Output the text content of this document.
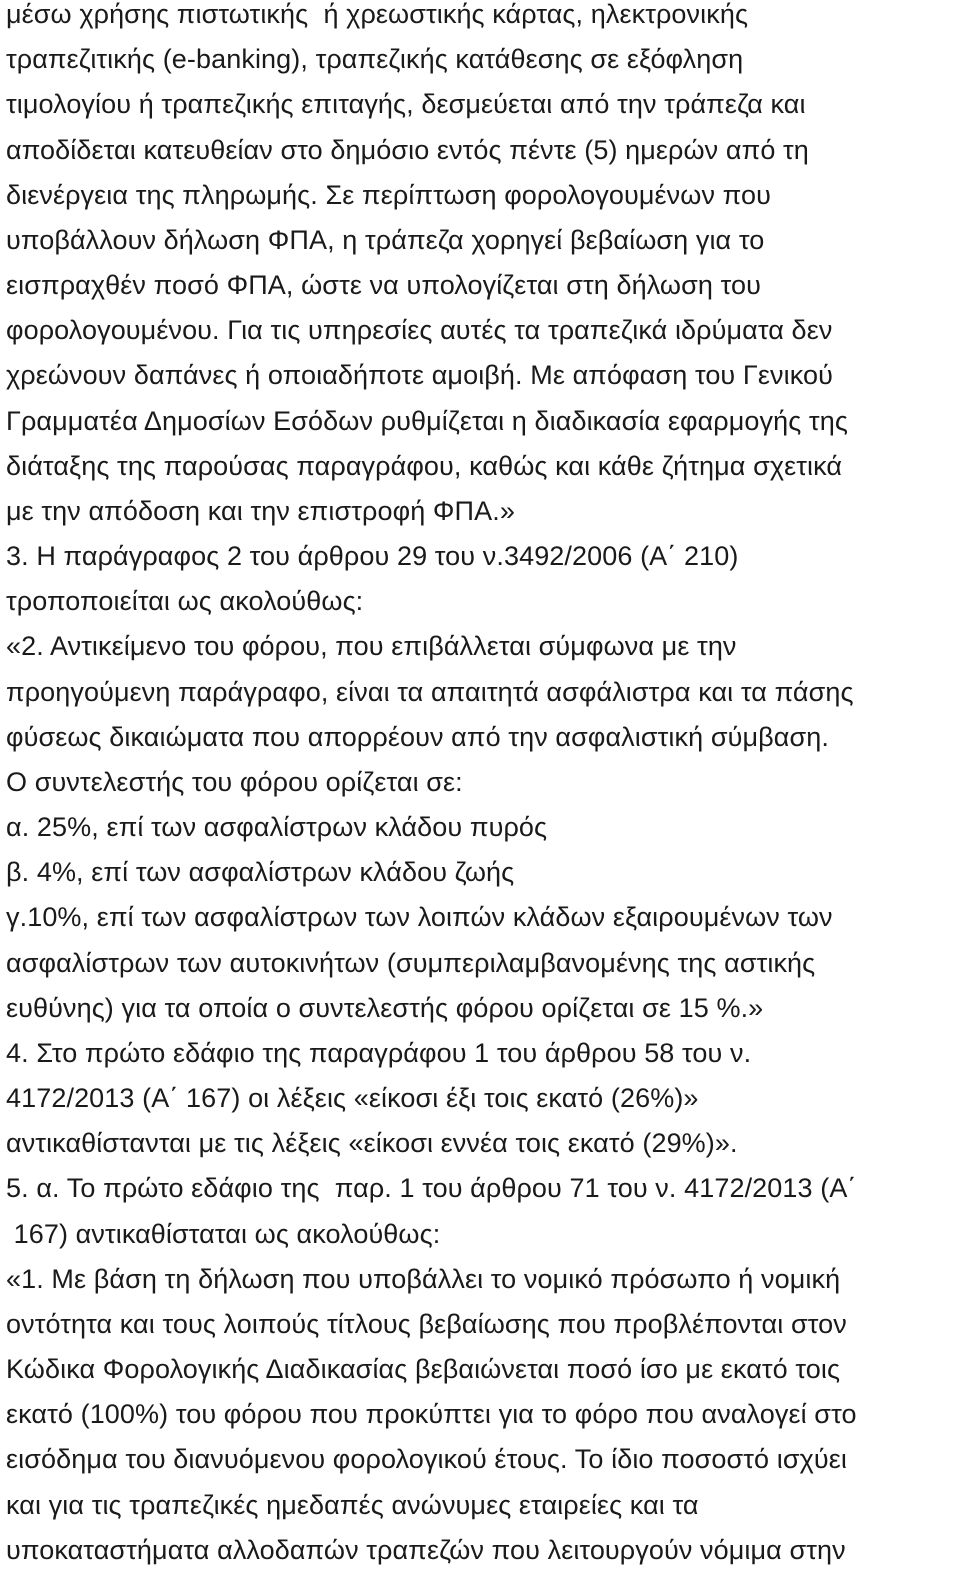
μέσω χρήσης πιστωτικής  ή χρεωστικής κάρτας, ηλεκτρονικής
τραπεζιτικής (e-banking), τραπεζικής κατάθεσης σε εξόφληση
τιμολογίου ή τραπεζικής επιταγής, δεσμεύεται από την τράπεζα και
αποδίδεται κατευθείαν στο δημόσιο εντός πέντε (5) ημερών από τη
διενέργεια της πληρωμής. Σε περίπτωση φορολογουμένων που
υποβάλλουν δήλωση ΦΠΑ, η τράπεζα χορηγεί βεβαίωση για το
εισπραχθέν ποσό ΦΠΑ, ώστε να υπολογίζεται στη δήλωση του
φορολογουμένου. Για τις υπηρεσίες αυτές τα τραπεζικά ιδρύματα δεν
χρεώνουν δαπάνες ή οποιαδήποτε αμοιβή. Με απόφαση του Γενικού
Γραμματέα Δημοσίων Εσόδων ρυθμίζεται η διαδικασία εφαρμογής της
διάταξης της παρούσας παραγράφου, καθώς και κάθε ζήτημα σχετικά
με την απόδοση και την επιστροφή ΦΠΑ.»
3. Η παράγραφος 2 του άρθρου 29 του ν.3492/2006 (Α΄ 210)
τροποποιείται ως ακολούθως:
«2. Αντικείμενο του φόρου, που επιβάλλεται σύμφωνα με την
προηγούμενη παράγραφο, είναι τα απαιτητά ασφάλιστρα και τα πάσης
φύσεως δικαιώματα που απορρέουν από την ασφαλιστική σύμβαση.
Ο συντελεστής του φόρου ορίζεται σε:
α. 25%, επί των ασφαλίστρων κλάδου πυρός
β. 4%, επί των ασφαλίστρων κλάδου ζωής
γ.10%, επί των ασφαλίστρων των λοιπών κλάδων εξαιρουμένων των
ασφαλίστρων των αυτοκινήτων (συμπεριλαμβανομένης της αστικής
ευθύνης) για τα οποία ο συντελεστής φόρου ορίζεται σε 15 %.»
4. Στο πρώτο εδάφιο της παραγράφου 1 του άρθρου 58 του ν.
4172/2013 (Α΄ 167) οι λέξεις «είκοσι έξι τοις εκατό (26%)»
αντικαθίστανται με τις λέξεις «είκοσι εννέα τοις εκατό (29%)».
5. α. Το πρώτο εδάφιο της  παρ. 1 του άρθρου 71 του ν. 4172/2013 (Α΄
167) αντικαθίσταται ως ακολούθως:
«1. Με βάση τη δήλωση που υποβάλλει το νομικό πρόσωπο ή νομική
οντότητα και τους λοιπούς τίτλους βεβαίωσης που προβλέπονται στον
Κώδικα Φορολογικής Διαδικασίας βεβαιώνεται ποσό ίσο με εκατό τοις
εκατό (100%) του φόρου που προκύπτει για το φόρο που αναλογεί στο
εισόδημα του διανυόμενου φορολογικού έτους. Το ίδιο ποσοστό ισχύει
και για τις τραπεζικές ημεδαπές ανώνυμες εταιρείες και τα
υποκαταστήματα αλλοδαπών τραπεζών που λειτουργούν νόμιμα στην
